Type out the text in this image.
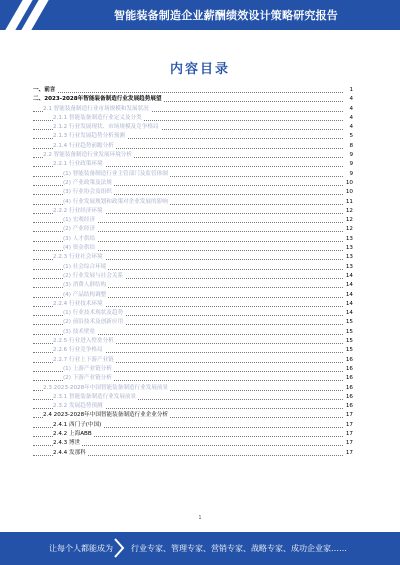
智能装备制造企业薪酬绩效设计策略研究报告
内容目录
一、前言	1
二、2023-2028年智能装备制造行业发展趋势展望	4
2.1 智能装备制造行业市场规模和发展状况	4
2.1.1 智能装备制造行业定义及分类	4
2.1.2 行业发展现状、市场规模及竞争格局	4
2.1.3 行业发展趋势分析预测	5
2.1.4 行业趋势前瞻分析	8
2.2 智能装备制造行业发展环境分析	9
2.2.1 行业政策环境	9
(1) 智能装备制造行业主管部门及监管体制	9
(2) 产业政策及法规	10
(3) 行业协会及组织	10
(4) 行业发展规划和政策对企业发展的影响	11
2.2.2 行业经济环境	12
(1) 宏观经济	12
(2) 产业经济	12
(3) 人才供给	13
(4) 资金供给	13
2.2.3 行业社会环境	13
(1) 社会综合环境	13
(2) 行业发展与社会关系	14
(3) 消费人群结构	14
(4) 产品结构调整	14
2.2.4 行业技术环境	14
(1) 行业技术现状及趋势	14
(2) 前沿技术及创新应用	15
(3) 技术壁垒	15
2.2.5 行业进入壁垒分析	15
2.2.6 行业竞争格局	15
2.2.7 行业上下游产业链	16
(1) 上游产业链分析	16
(2) 下游产业链分析	16
2.3 2023-2028年中国智能装备制造行业发展前景	16
2.3.1 智能装备制造行业发展前景	16
2.3.2 发展趋势预测	16
2.4 2023-2028年中国智能装备制造行业企业分析	17
2.4.1 西门子(中国)	17
2.4.2 上海ABB	17
2.4.3 博世	17
2.4.4 发那科	17
1
让每个人都能成为 行业专家、管理专家、营销专家、战略专家、成功企业家……
